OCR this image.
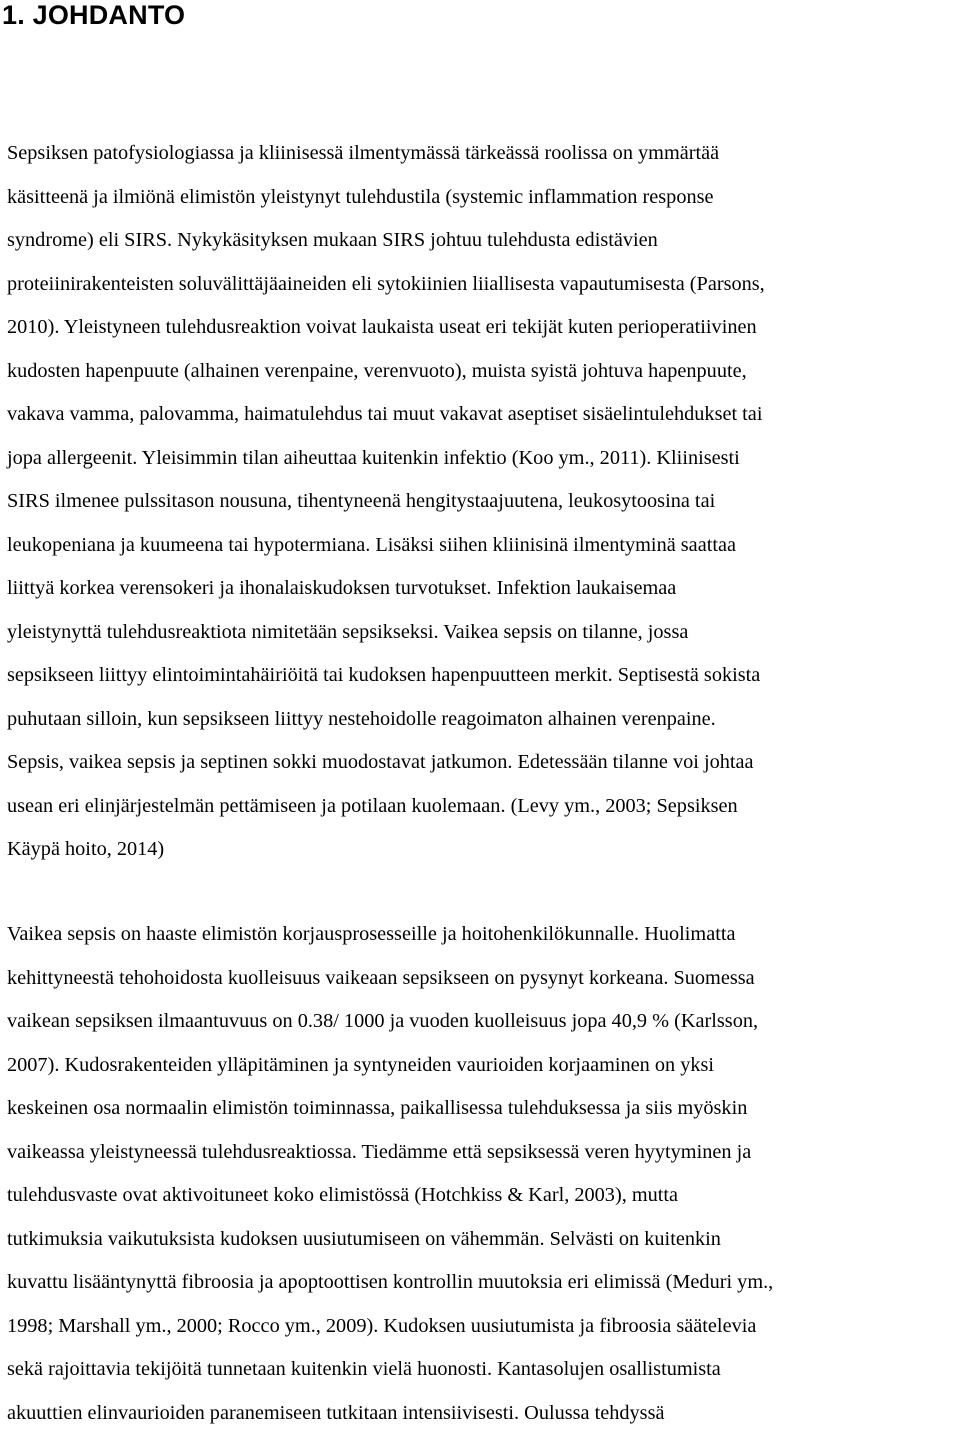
1. JOHDANTO
Sepsiksen patofysiologiassa ja kliinisessä ilmentymässä tärkeässä roolissa on ymmärtää käsitteenä ja ilmiönä elimistön yleistynyt tulehdustila (systemic inflammation response syndrome) eli SIRS. Nykykäsityksen mukaan SIRS johtuu tulehdusta edistävien proteiinirakenteisten soluvälittäjäaineiden eli sytokiinien liiallisesta vapautumisesta (Parsons, 2010). Yleistyneen tulehdusreaktion voivat laukaista useat eri tekijät kuten perioperatiivinen kudosten hapenpuute (alhainen verenpaine, verenvuoto), muista syistä johtuva hapenpuute, vakava vamma, palovamma, haimatulehdus tai muut vakavat aseptiset sisäelintulehdukset tai jopa allergeenit. Yleisimmin tilan aiheuttaa kuitenkin infektio (Koo ym., 2011). Kliinisesti SIRS ilmenee pulssitason nousuna, tihentyneenä hengitystaajuutena, leukosytoosina tai leukopeniana ja kuumeena tai hypotermiana. Lisäksi siihen kliinisinä ilmentyminä saattaa liittyä korkea verensokeri ja ihonalaiskudoksen turvotukset. Infektion laukaisemaa yleistynyttä tulehdusreaktiota nimitetään sepsikseksi. Vaikea sepsis on tilanne, jossa sepsikseen liittyy elintoimintahäiriöitä tai kudoksen hapenpuutteen merkit. Septisestä sokista puhutaan silloin, kun sepsikseen liittyy nestehoidolle reagoimaton alhainen verenpaine. Sepsis, vaikea sepsis ja septinen sokki muodostavat jatkumon. Edetessään tilanne voi johtaa usean eri elinjärjestelmän pettämiseen ja potilaan kuolemaan. (Levy ym., 2003; Sepsiksen Käypä hoito, 2014)
Vaikea sepsis on haaste elimistön korjausprosesseille ja hoitohenkilökunnalle. Huolimatta kehittyneestä tehohoidosta kuolleisuus vaikeaan sepsikseen on pysynyt korkeana. Suomessa vaikean sepsiksen ilmaantuvuus on 0.38/ 1000 ja vuoden kuolleisuus jopa 40,9 % (Karlsson, 2007). Kudosrakenteiden ylläpitäminen ja syntyneiden vaurioiden korjaaminen on yksi keskeinen osa normaalin elimistön toiminnassa, paikallisessa tulehduksessa ja siis myöskin vaikeassa yleistyneessä tulehdusreaktiossa. Tiedämme että sepsiksessä veren hyytyminen ja tulehdusvaste ovat aktivoituneet koko elimistössä (Hotchkiss & Karl, 2003), mutta tutkimuksia vaikutuksista kudoksen uusiutumiseen on vähemmän. Selvästi on kuitenkin kuvattu lisääntynyttä fibroosia ja apoptoottisen kontrollin muutoksia eri elimissä (Meduri ym., 1998; Marshall ym., 2000; Rocco ym., 2009). Kudoksen uusiutumista ja fibroosia säätelevia sekä rajoittavia tekijöitä tunnetaan kuitenkin vielä huonosti. Kantasolujen osallistumista akuuttien elinvaurioiden paranemiseen tutkitaan intensiivisesti. Oulussa tehdyssä
